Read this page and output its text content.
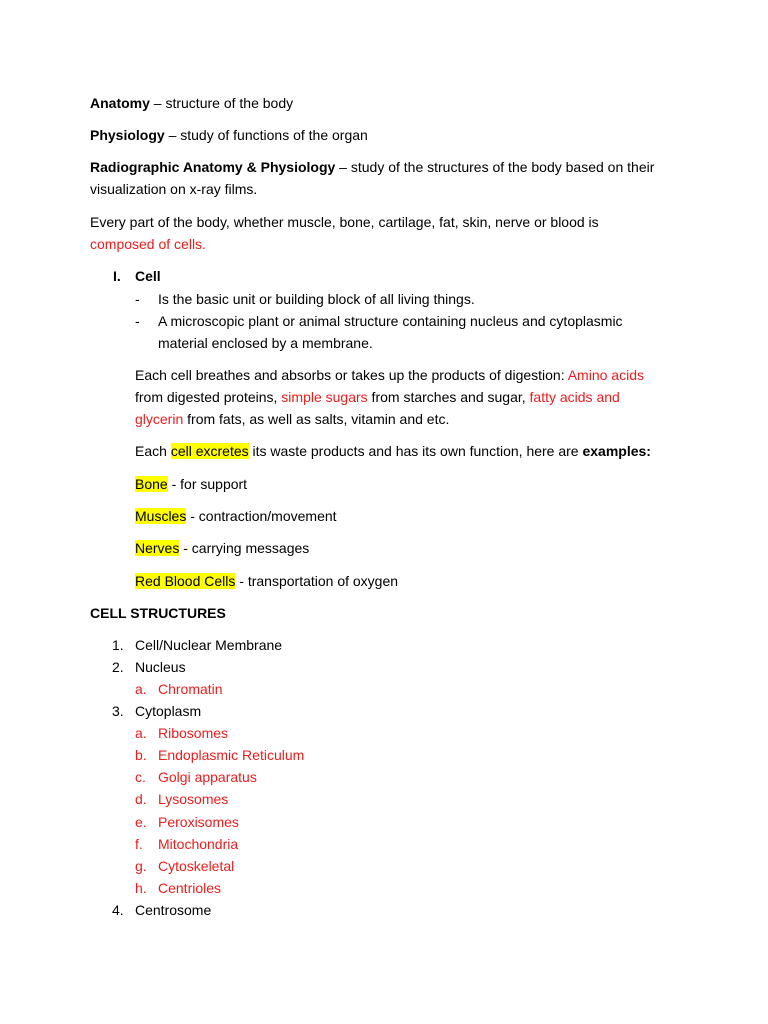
Anatomy – structure of the body
Physiology – study of functions of the organ
Radiographic Anatomy & Physiology – study of the structures of the body based on their
visualization on x-ray films.
Every part of the body, whether muscle, bone, cartilage, fat, skin, nerve or blood is
composed of cells.
I. Cell
- Is the basic unit or building block of all living things.
- A microscopic plant or animal structure containing nucleus and cytoplasmic
material enclosed by a membrane.
Each cell breathes and absorbs or takes up the products of digestion: Amino acids
from digested proteins, simple sugars from starches and sugar, fatty acids and
glycerin from fats, as well as salts, vitamin and etc.
Each cell excretes its waste products and has its own function, here are examples:
Bone - for support
Muscles - contraction/movement
Nerves - carrying messages
Red Blood Cells - transportation of oxygen
CELL STRUCTURES
1. Cell/Nuclear Membrane
2. Nucleus
a. Chromatin
3. Cytoplasm
a. Ribosomes
b. Endoplasmic Reticulum
c. Golgi apparatus
d. Lysosomes
e. Peroxisomes
f. Mitochondria
g. Cytoskeletal
h. Centrioles
4. Centrosome
